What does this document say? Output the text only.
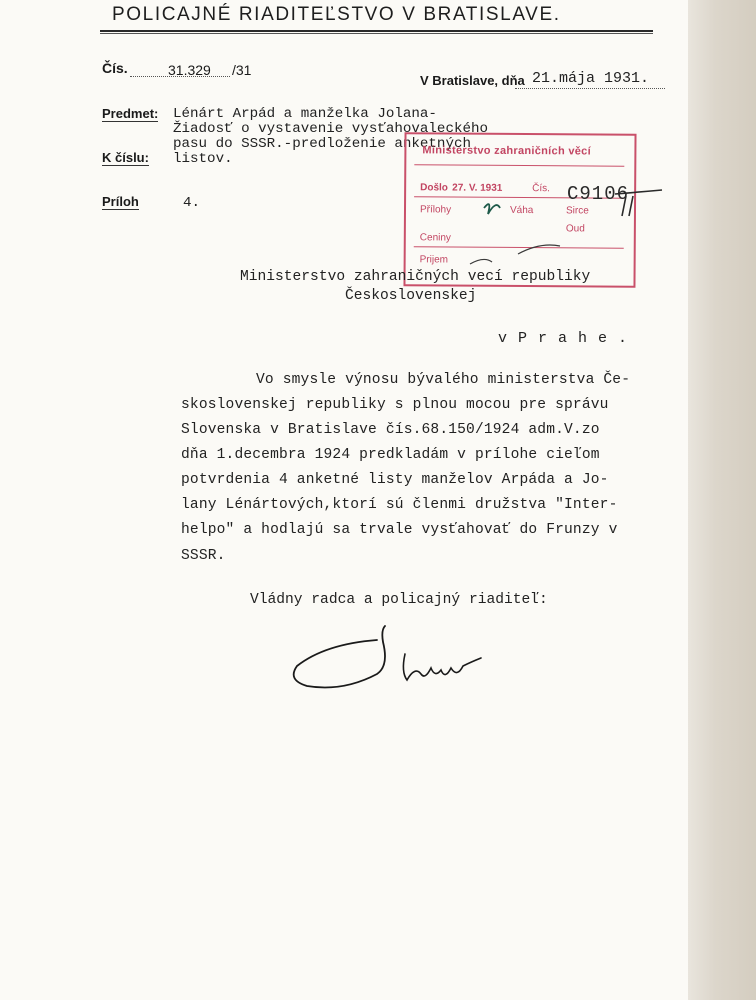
POLICAJNÉ RIADITEĽSTVO V BRATISLAVE.
Čís.	31.329 /31
V Bratislave, dňa 21.mája 1931.
Predmet: Lénárt Arpád a manželka Jolana-
Žiadosť o vystavenie vysťahovaleckého
pasu do SSSR.-predloženie anketných
listov.
K číslu:
Príloh	4.
Ministerstvo zahraničních věcí
Došlo 27. V. 1931	Čís.
Přílohy	Váha	Sirce
Oud
Ceniny
Prijem
C9106
Ministerstvo zahraničných vecí republiky
Československej
v P r a h e .
Vo smysle výnosu bývalého ministerstva Če-
skoslovenskej republiky s plnou mocou pre správu
Slovenska v Bratislave čís.68.150/1924 adm.V.zo
dňa 1.decembra 1924 predkladám v prílohe cieľom
potvrdenia 4 anketné listy manželov Arpáda a Jo-
lany Lénártových,ktorí sú členmi družstva "Inter-
helpo" a hodlajú sa trvale vysťahovať do Frunzy v
SSSR.
Vládny radca a policajný riaditeľ:
